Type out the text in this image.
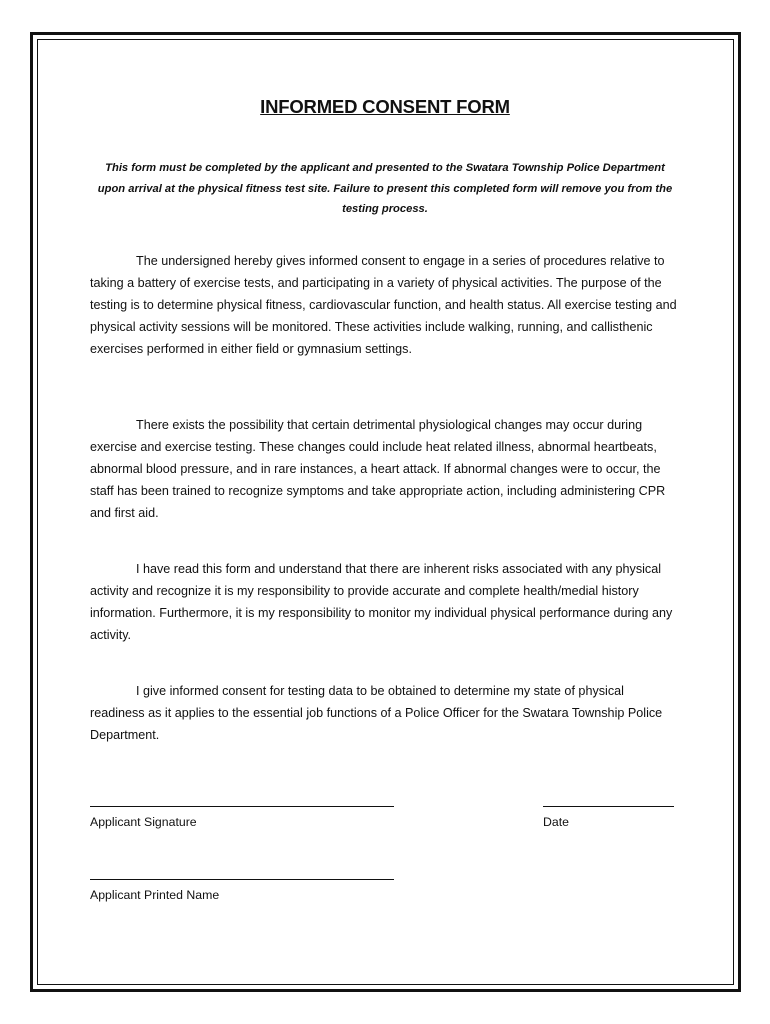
INFORMED CONSENT FORM
This form must be completed by the applicant and presented to the Swatara Township Police Department upon arrival at the physical fitness test site. Failure to present this completed form will remove you from the testing process.

The undersigned hereby gives informed consent to engage in a series of procedures relative to taking a battery of exercise tests, and participating in a variety of physical activities. The purpose of the testing is to determine physical fitness, cardiovascular function, and health status. All exercise testing and physical activity sessions will be monitored. These activities include walking, running, and callisthenic exercises performed in either field or gymnasium settings.

There exists the possibility that certain detrimental physiological changes may occur during exercise and exercise testing. These changes could include heat related illness, abnormal heartbeats, abnormal blood pressure, and in rare instances, a heart attack. If abnormal changes were to occur, the staff has been trained to recognize symptoms and take appropriate action, including administering CPR and first aid.

I have read this form and understand that there are inherent risks associated with any physical activity and recognize it is my responsibility to provide accurate and complete health/medial history information. Furthermore, it is my responsibility to monitor my individual physical performance during any activity.

I give informed consent for testing data to be obtained to determine my state of physical readiness as it applies to the essential job functions of a Police Officer for the Swatara Township Police Department.

Applicant Signature	Date
Applicant Printed Name
